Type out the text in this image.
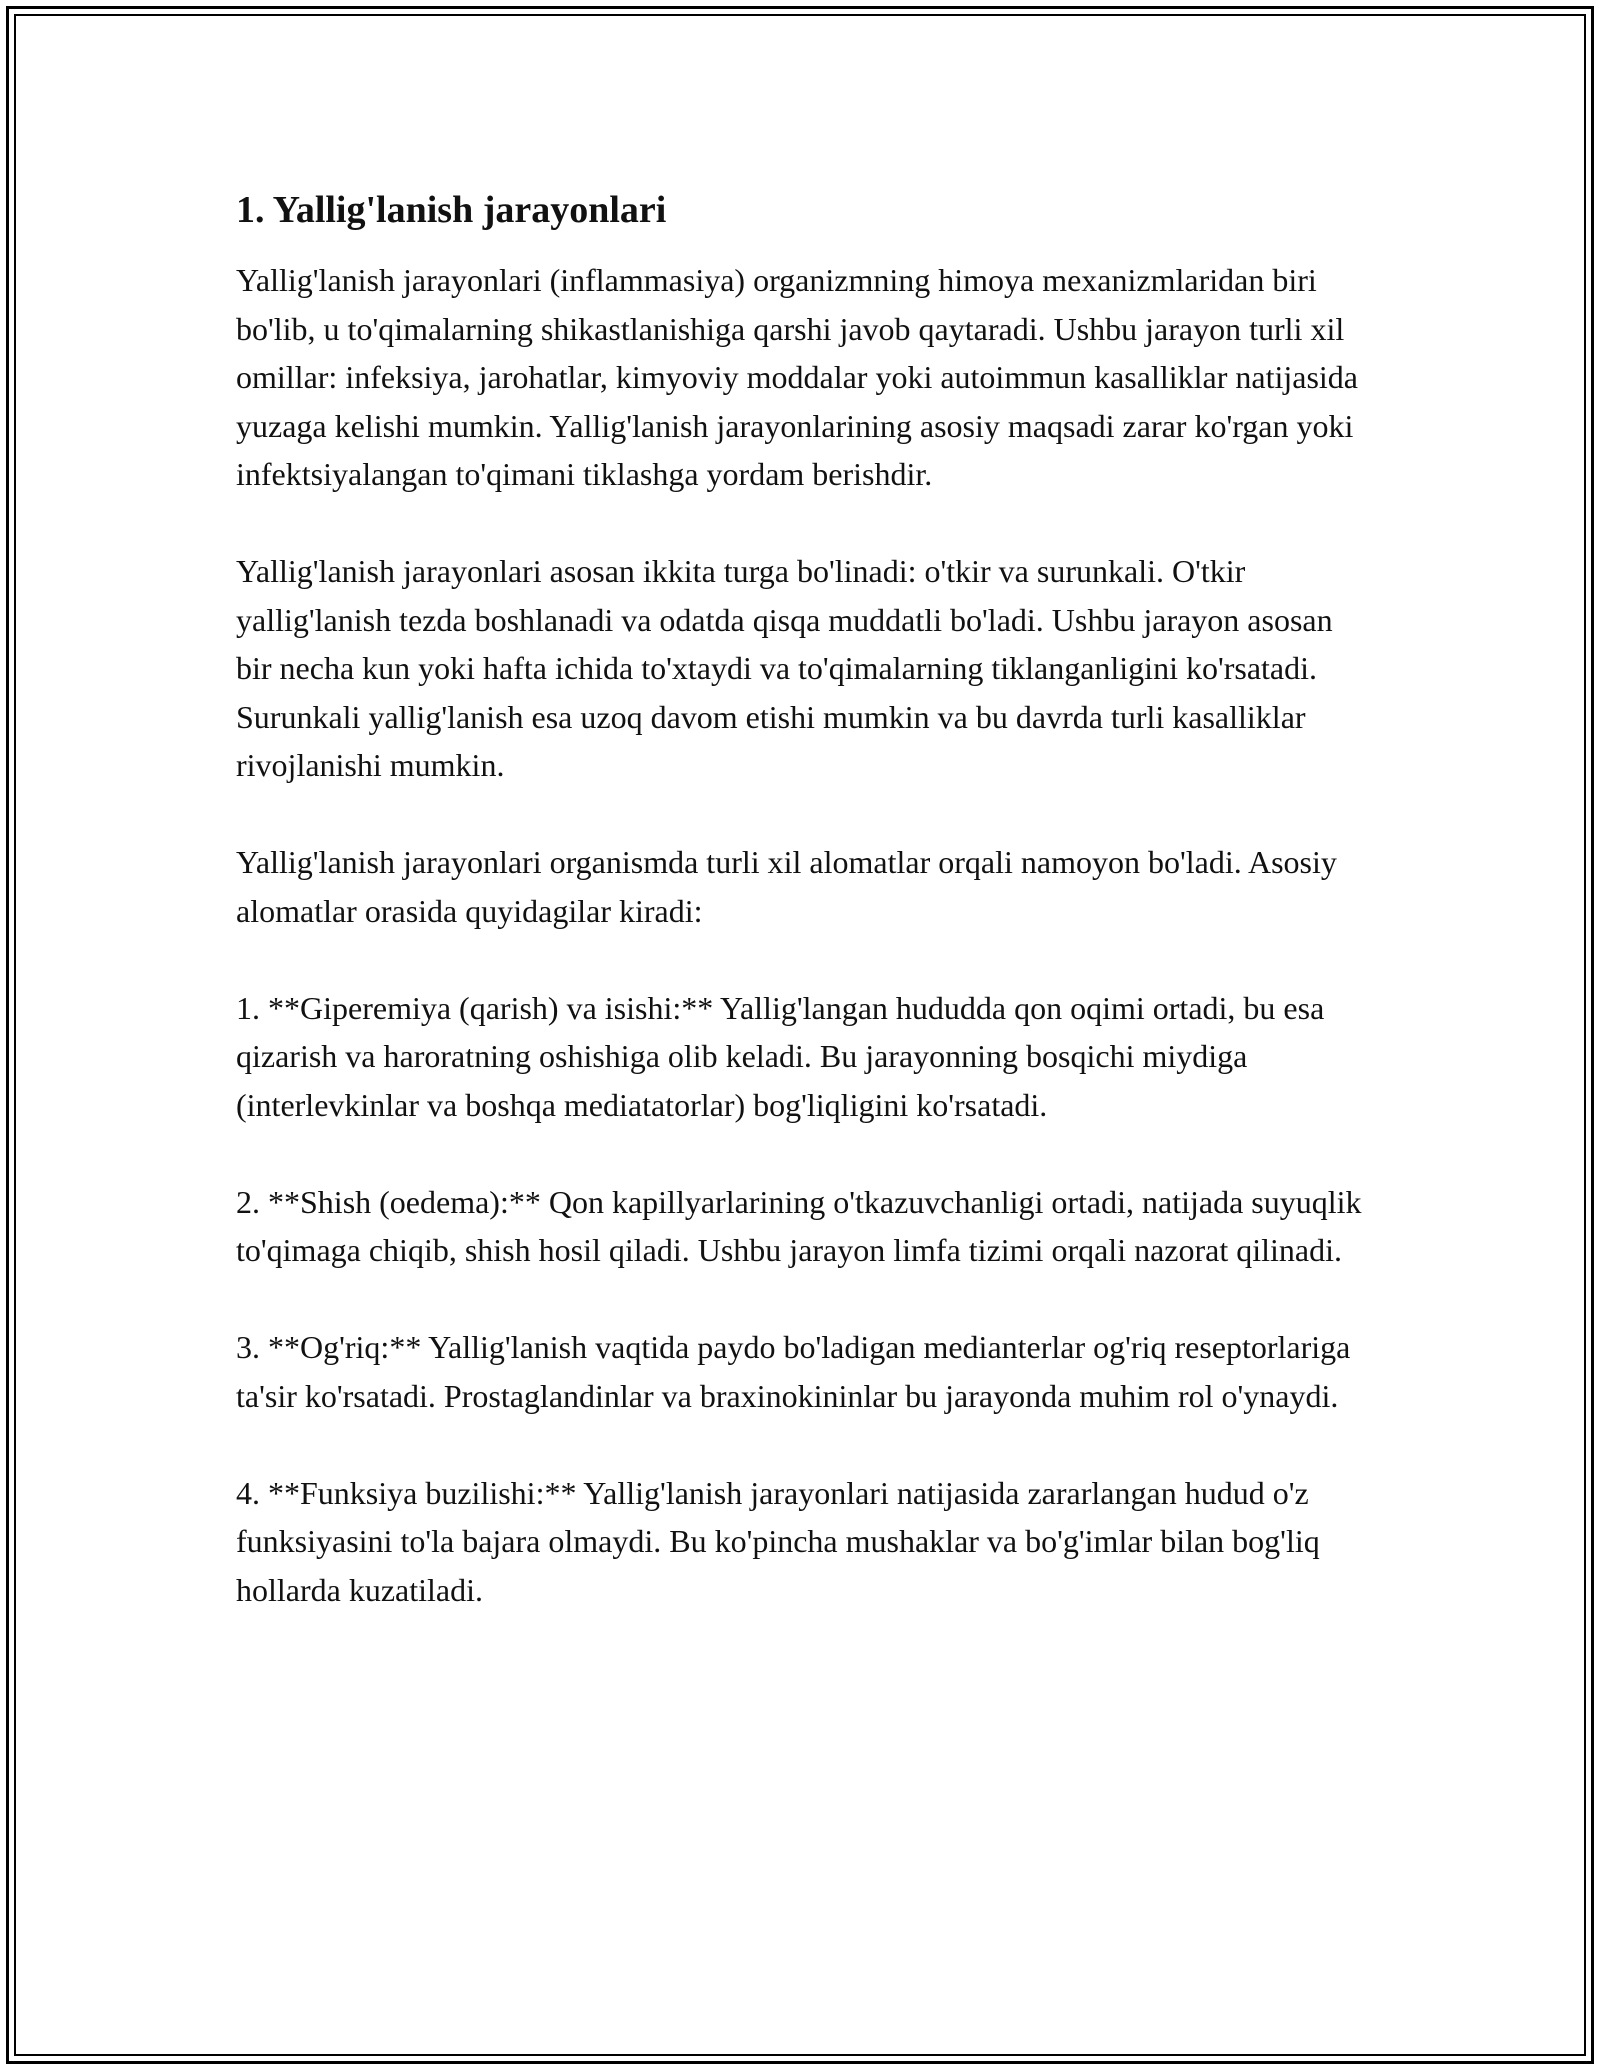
1. Yallig'lanish jarayonlari

Yallig'lanish jarayonlari (inflammasiya) organizmning himoya mexanizmlaridan biri bo'lib, u to'qimalarning shikastlanishiga qarshi javob qaytaradi. Ushbu jarayon turli xil omillar: infeksiya, jarohatlar, kimyoviy moddalar yoki autoimmun kasalliklar natijasida yuzaga kelishi mumkin. Yallig'lanish jarayonlarining asosiy maqsadi zarar ko'rgan yoki infektsiyalangan to'qimani tiklashga yordam berishdir.

Yallig'lanish jarayonlari asosan ikkita turga bo'linadi: o'tkir va surunkali. O'tkir yallig'lanish tezda boshlanadi va odatda qisqa muddatli bo'ladi. Ushbu jarayon asosan bir necha kun yoki hafta ichida to'xtaydi va to'qimalarning tiklanganligini ko'rsatadi. Surunkali yallig'lanish esa uzoq davom etishi mumkin va bu davrda turli kasalliklar rivojlanishi mumkin.

Yallig'lanish jarayonlari organismda turli xil alomatlar orqali namoyon bo'ladi. Asosiy alomatlar orasida quyidagilar kiradi:

1. **Giperemiya (qarish) va isishi:** Yallig'langan hududda qon oqimi ortadi, bu esa qizarish va haroratning oshishiga olib keladi. Bu jarayonning bosqichi miydiga (interlevkinlar va boshqa mediatatorlar) bog'liqligini ko'rsatadi.

2. **Shish (oedema):** Qon kapillyarlarining o'tkazuvchanligi ortadi, natijada suyuqlik to'qimaga chiqib, shish hosil qiladi. Ushbu jarayon limfa tizimi orqali nazorat qilinadi.

3. **Og'riq:** Yallig'lanish vaqtida paydo bo'ladigan medianterlar og'riq reseptorlariga ta'sir ko'rsatadi. Prostaglandinlar va braxinokininlar bu jarayonda muhim rol o'ynaydi.

4. **Funksiya buzilishi:** Yallig'lanish jarayonlari natijasida zararlangan hudud o'z funksiyasini to'la bajara olmaydi. Bu ko'pincha mushaklar va bo'g'imlar bilan bog'liq hollarda kuzatiladi.
